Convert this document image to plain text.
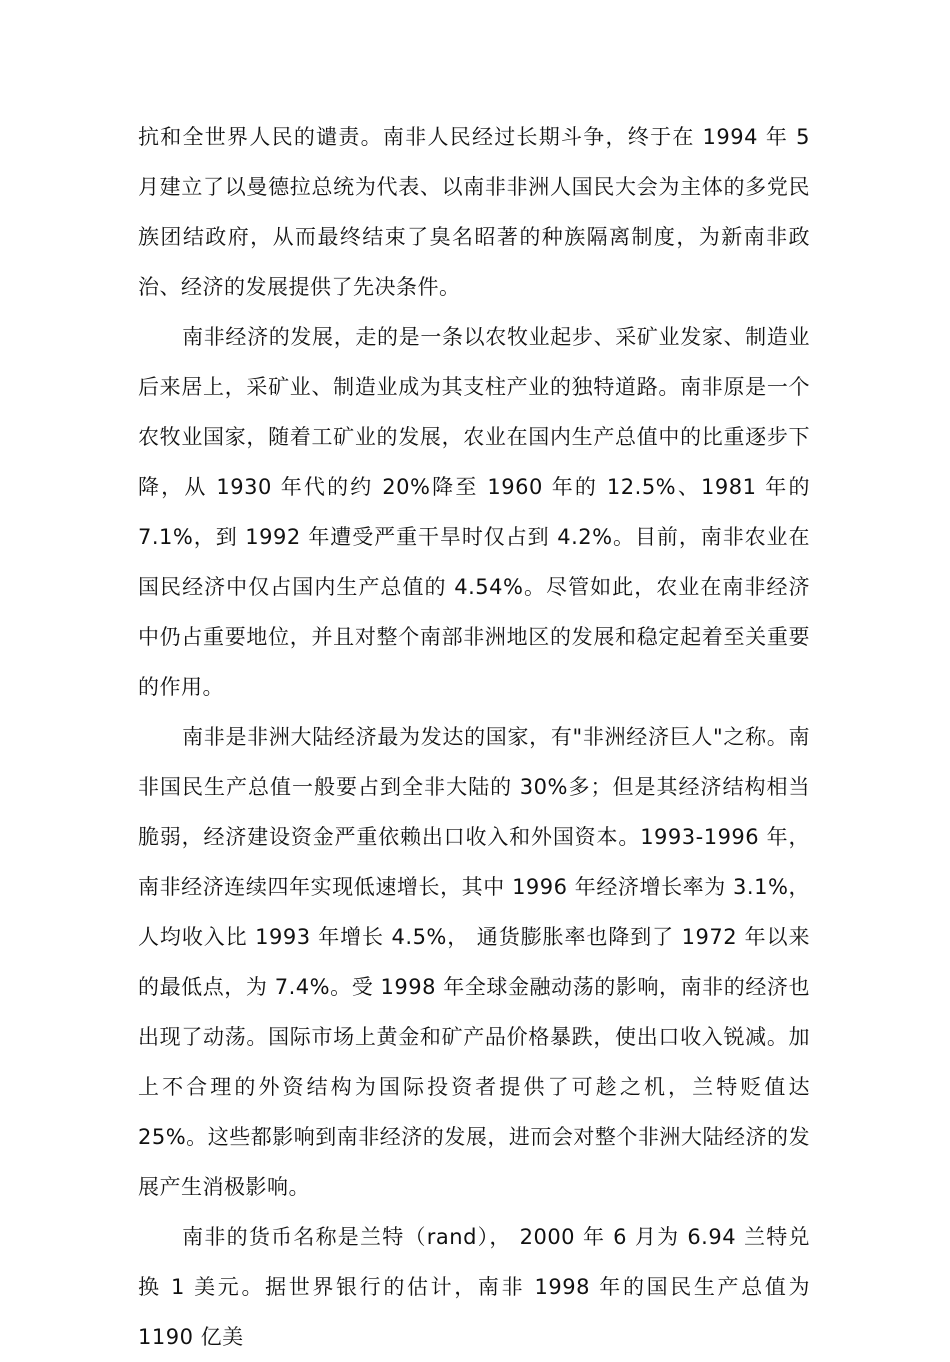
抗和全世界人民的谴责。南非人民经过长期斗争，终于在 1994 年 5 月建立了以曼德拉总统为代表、以南非非洲人国民大会为主体的多党民族团结政府，从而最终结束了臭名昭著的种族隔离制度，为新南非政治、经济的发展提供了先决条件。

南非经济的发展，走的是一条以农牧业起步、采矿业发家、制造业后来居上，采矿业、制造业成为其支柱产业的独特道路。南非原是一个农牧业国家，随着工矿业的发展，农业在国内生产总值中的比重逐步下降，从 1930 年代的约 20%降至 1960 年的 12.5%、1981 年的 7.1%，到 1992 年遭受严重干旱时仅占到 4.2%。目前，南非农业在国民经济中仅占国内生产总值的 4.54%。尽管如此，农业在南非经济中仍占重要地位，并且对整个南部非洲地区的发展和稳定起着至关重要的作用。

南非是非洲大陆经济最为发达的国家，有"非洲经济巨人"之称。南非国民生产总值一般要占到全非大陆的 30%多；但是其经济结构相当脆弱，经济建设资金严重依赖出口收入和外国资本。1993-1996 年，南非经济连续四年实现低速增长，其中 1996 年经济增长率为 3.1%， 人均收入比 1993 年增长 4.5%， 通货膨胀率也降到了 1972 年以来的最低点，为 7.4%。受 1998 年全球金融动荡的影响，南非的经济也出现了动荡。国际市场上黄金和矿产品价格暴跌，使出口收入锐减。加上不合理的外资结构为国际投资者提供了可趁之机，兰特贬值达 25%。这些都影响到南非经济的发展，进而会对整个非洲大陆经济的发展产生消极影响。

南非的货币名称是兰特（rand）， 2000 年 6 月为 6.94 兰特兑换 1 美元。据世界银行的估计，南非 1998 年的国民生产总值为 1190 亿美
